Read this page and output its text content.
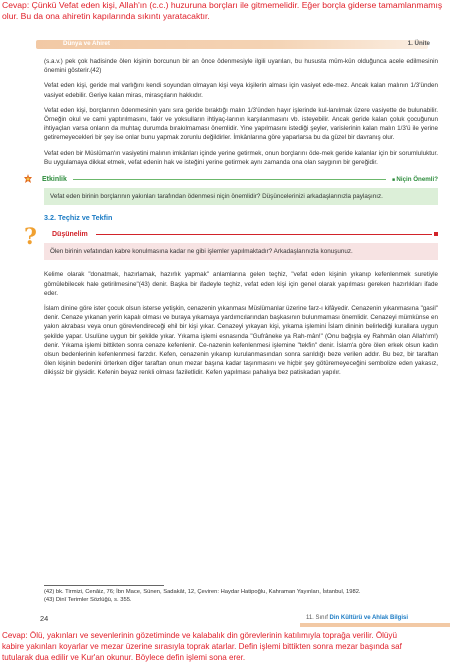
Cevap: Çünkü Vefat eden kişi, Allah'ın (c.c.) huzuruna borçları ile gitmemelidir. Eğer borçla giderse tamamlanmamış
olur. Bu da ona ahiretin kapılarında sıkıntı yaratacaktır.
Dünya ve Ahiret	1. Ünite

(s.a.v.) pek çok hadisinde ölen kişinin borcunun bir an önce ödenmesiyle ilgili uyarıları, bu hususta müm-kün olduğunca acele edilmesinin önemini gösterir.(42)

Vefat eden kişi, geride mal varlığını kendi soyundan olmayan kişi veya kişilerin alması için vasiyet ede-mez. Ancak kalan malının 1/3'ünden vasiyet edebilir. Geriye kalan miras, mirasçıların hakkıdır.

Vefat eden kişi, borçlarının ödenmesinin yanı sıra geride bıraktığı malın 1/3'ünden hayır işlerinde kul-lanılmak üzere vasiyette de bulunabilir. Örneğin okul ve cami yaptırılmasını, fakir ve yoksulların ihtiyaç-larının karşılanmasını vb. isteyebilir. Ancak geride kalan çoluk çocuğunun ihtiyaçları varsa onların da muhtaç durumda bırakılmaması önemlidir. Yine yapılmasını istediği şeyler, varislerinin kalan malın 1/3'ü ile yerine getiremeyecekleri bir şey ise onlar bunu yapmak zorunlu değildirler. İmkânlarına göre yaparlarsa bu da güzel bir davranış olur.

Vefat eden bir Müslüman'ın vasiyetini malının imkânları içinde yerine getirmek, onun borçlarını öde-mek geride kalanlar için bir sorumluluktur. Bu uygulamaya dikkat etmek, vefat edenin hak ve isteğini yerine getirmek aynı zamanda ona olan saygının bir gereğidir.

Etkinlik
■	Niçin Önemli?
Vefat eden birinin borçlarının yakınları tarafından ödenmesi niçin önemlidir? Düşüncelerinizi arkadaşlarınızla paylaşınız.
3.2. Teçhiz ve Tekfin
? Düşünelim
Ölen birinin vefatından kabre konulmasına kadar ne gibi işlemler yapılmaktadır? Arkadaşlarınızla konuşunuz.

Kelime olarak "donatmak, hazırlamak, hazırlık yapmak" anlamlarına gelen teçhiz, "vefat eden kişinin yıkanıp kefenlenmek suretiyle gömülebilecek hale getirilmesine"(43) denir. Başka bir ifadeyle teçhiz, vefat eden kişi için genel olarak yapılması gereken hazırlıkları ifade eder.

İslam dinine göre ister çocuk olsun isterse yetişkin, cenazenin yıkanması Müslümanlar üzerine farz-ı kifâyedir. Cenazenin yıkanmasına "gasil" denir. Cenaze yıkanan yerin kapalı olması ve buraya yıkamaya yardımcılarından başkasının bulunmaması önemlidir. Cenazeyi mümkünse en yakın akrabası veya onun görevlendireceği ehil bir kişi yıkar. Cenazeyi yıkayan kişi, yıkama işlemini İslam dininin belirlediği kurallara uygun şekilde yapar. Usulüne uygun bir şekilde yıkar. Yıkama işlemi esnasında "Gufrâneke ya Rah-mân!" (Onu bağışla ey Rahmân olan Allah'ım!) denir. Yıkama işlemi bittikten sonra cenaze kefenlenir. Ce-nazenin kefenlenmesi işlemine "tekfin" denir. İslam'a göre ölen erkek olsun kadın olsun bedenlerinin kefenlenmesi farzdır. Kefen, cenazenin yıkanıp kurulanmasından sonra sarıldığı beze verilen addır. Bu bez, bir taraftan ölen kişinin bedenini örterken diğer taraftan onun mezar başına kadar taşınmasını ve hiçbir şey götüremeyeceğini sembolize eden yakasız, dikişsiz bir giysidir. Kefenin beyaz renkli olması faziletlidir. Kefen yapılması pahalıya bez patiskadan yapılır.

(42) bk. Tirmizi, Cenâiz, 76; İbn Mace, Sünen, Sadakât, 12, Çeviren: Haydar Hatipoğlu, Kahraman Yayınları, İstanbul, 1982.
(43) Dinî Terimler Sözlüğü, s. 355.
24	11. Sınıf Din Kültürü ve Ahlak Bilgisi
Cevap: Ölü, yakınları ve sevenlerinin gözetiminde ve kalabalık din görevlerinin katılımıyla toprağa verilir. Ölüyü
kabire yakınları koyarlar ve mezar üzerine sırasıyla toprak atarlar. Defin işlemi bittikten sonra mezar başında saf
tutularak dua edilir ve Kur'an okunur. Böylece defin işlemi sona erer.
